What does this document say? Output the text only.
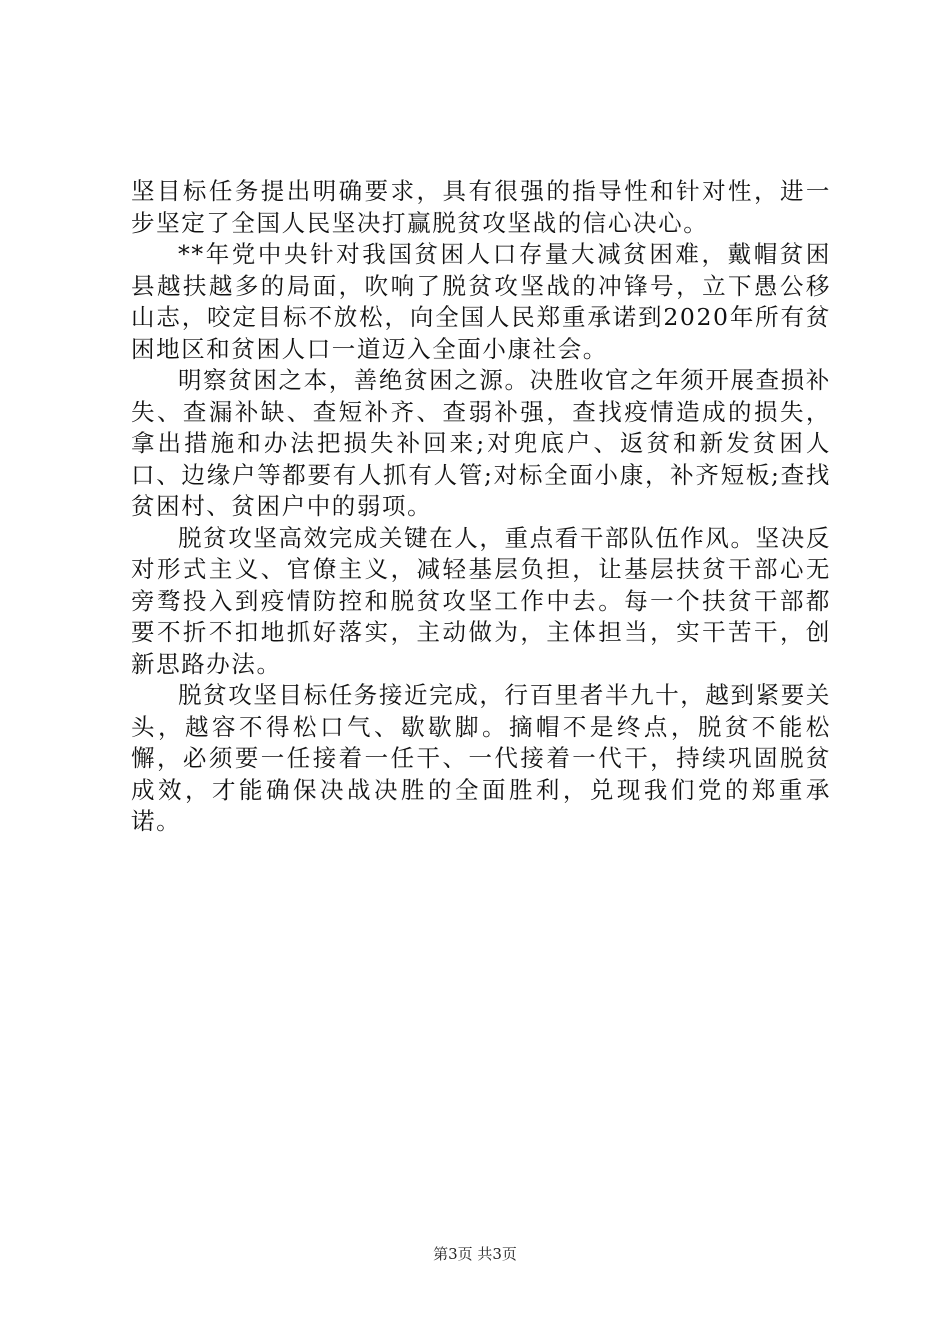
坚目标任务提出明确要求，具有很强的指导性和针对性，进一步坚定了全国人民坚决打赢脱贫攻坚战的信心决心。

**年党中央针对我国贫困人口存量大减贫困难，戴帽贫困县越扶越多的局面，吹响了脱贫攻坚战的冲锋号，立下愚公移山志，咬定目标不放松，向全国人民郑重承诺到2020年所有贫困地区和贫困人口一道迈入全面小康社会。

明察贫困之本，善绝贫困之源。决胜收官之年须开展查损补失、查漏补缺、查短补齐、查弱补强，查找疫情造成的损失，拿出措施和办法把损失补回来;对兜底户、返贫和新发贫困人口、边缘户等都要有人抓有人管;对标全面小康，补齐短板;查找贫困村、贫困户中的弱项。

脱贫攻坚高效完成关键在人，重点看干部队伍作风。坚决反对形式主义、官僚主义，减轻基层负担，让基层扶贫干部心无旁骛投入到疫情防控和脱贫攻坚工作中去。每一个扶贫干部都要不折不扣地抓好落实，主动做为，主体担当，实干苦干，创新思路办法。

脱贫攻坚目标任务接近完成，行百里者半九十，越到紧要关头，越容不得松口气、歇歇脚。摘帽不是终点，脱贫不能松懈，必须要一任接着一任干、一代接着一代干，持续巩固脱贫成效，才能确保决战决胜的全面胜利，兑现我们党的郑重承诺。

第3页 共3页
